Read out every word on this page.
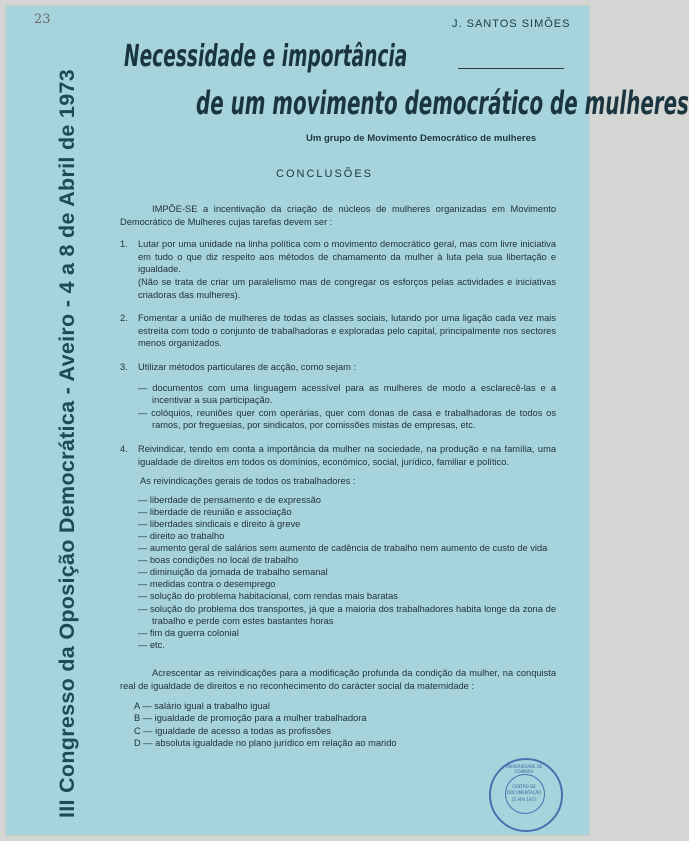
23	J. SANTOS SIMÕES
III Congresso da Oposição Democrática - Aveiro - 4 a 8 de Abril de 1973
Necessidade e importância
de um movimento democrático de mulheres
Um grupo de Movimento Democrático de mulheres
CONCLUSÕES

IMPÕE-SE a incentivação da criação de núcleos de mulheres organizadas em Movimento Democrático de Mulheres cujas tarefas devem ser :

1.	Lutar por uma unidade na linha política com o movimento democrático geral, mas com livre iniciativa em tudo o que diz respeito aos métodos de chamamento da mulher à luta pela sua libertação e igualdade.
(Não se trata de criar um paralelismo mas de congregar os esforços pelas actividades e iniciativas criadoras das mulheres).
2.	Fomentar a união de mulheres de todas as classes sociais, lutando por uma ligação cada vez mais estreita com todo o conjunto de trabalhadoras e exploradas pelo capital, principalmente nos sectores menos organizados.
3.	Utilizar métodos particulares de acção, como sejam :

— documentos com uma linguagem acessível para as mulheres de modo a esclarecê-las e a incentivar a sua participação.

— colóquios, reuniões quer com operárias, quer com donas de casa e trabalhadoras de todos os ramos, por freguesias, por sindicatos, por comissões mistas de empresas, etc.

4.	Reivindicar, tendo em conta a importância da mulher na sociedade, na produção e na família, uma igualdade de direitos em todos os domínios, económico, social, jurídico, familiar e político.

As reivindicações gerais de todos os trabalhadores :

— liberdade de pensamento e de expressão

— liberdade de reunião e associação

— liberdades sindicais e direito à greve

— direito ao trabalho

— aumento geral de salários sem aumento de cadência de trabalho nem aumento de custo de vida

— boas condições no local de trabalho

— diminuição da jornada de trabalho semanal

— medidas contra o desemprego

— solução do problema habitacional, com rendas mais baratas

— solução do problema dos transportes, já que a maioria dos trabalhadores habita longe da zona de trabalho e perde com estes bastantes horas

— fim da guerra colonial

— etc.

Acrescentar as reivindicações para a modificação profunda da condição da mulher, na conquista real de igualdade de direitos e no reconhecimento do carácter social da maternidade :

A — salário igual a trabalho igual
B — igualdade de promoção para a mulher trabalhadora
C — igualdade de acesso a todas as profissões
D — absoluta igualdade no plano jurídico em relação ao marido
UNIVERSIDADE DE COIMBRA
CENTRO DE
DOCUMENTAÇÃO
25 MAI 1973
